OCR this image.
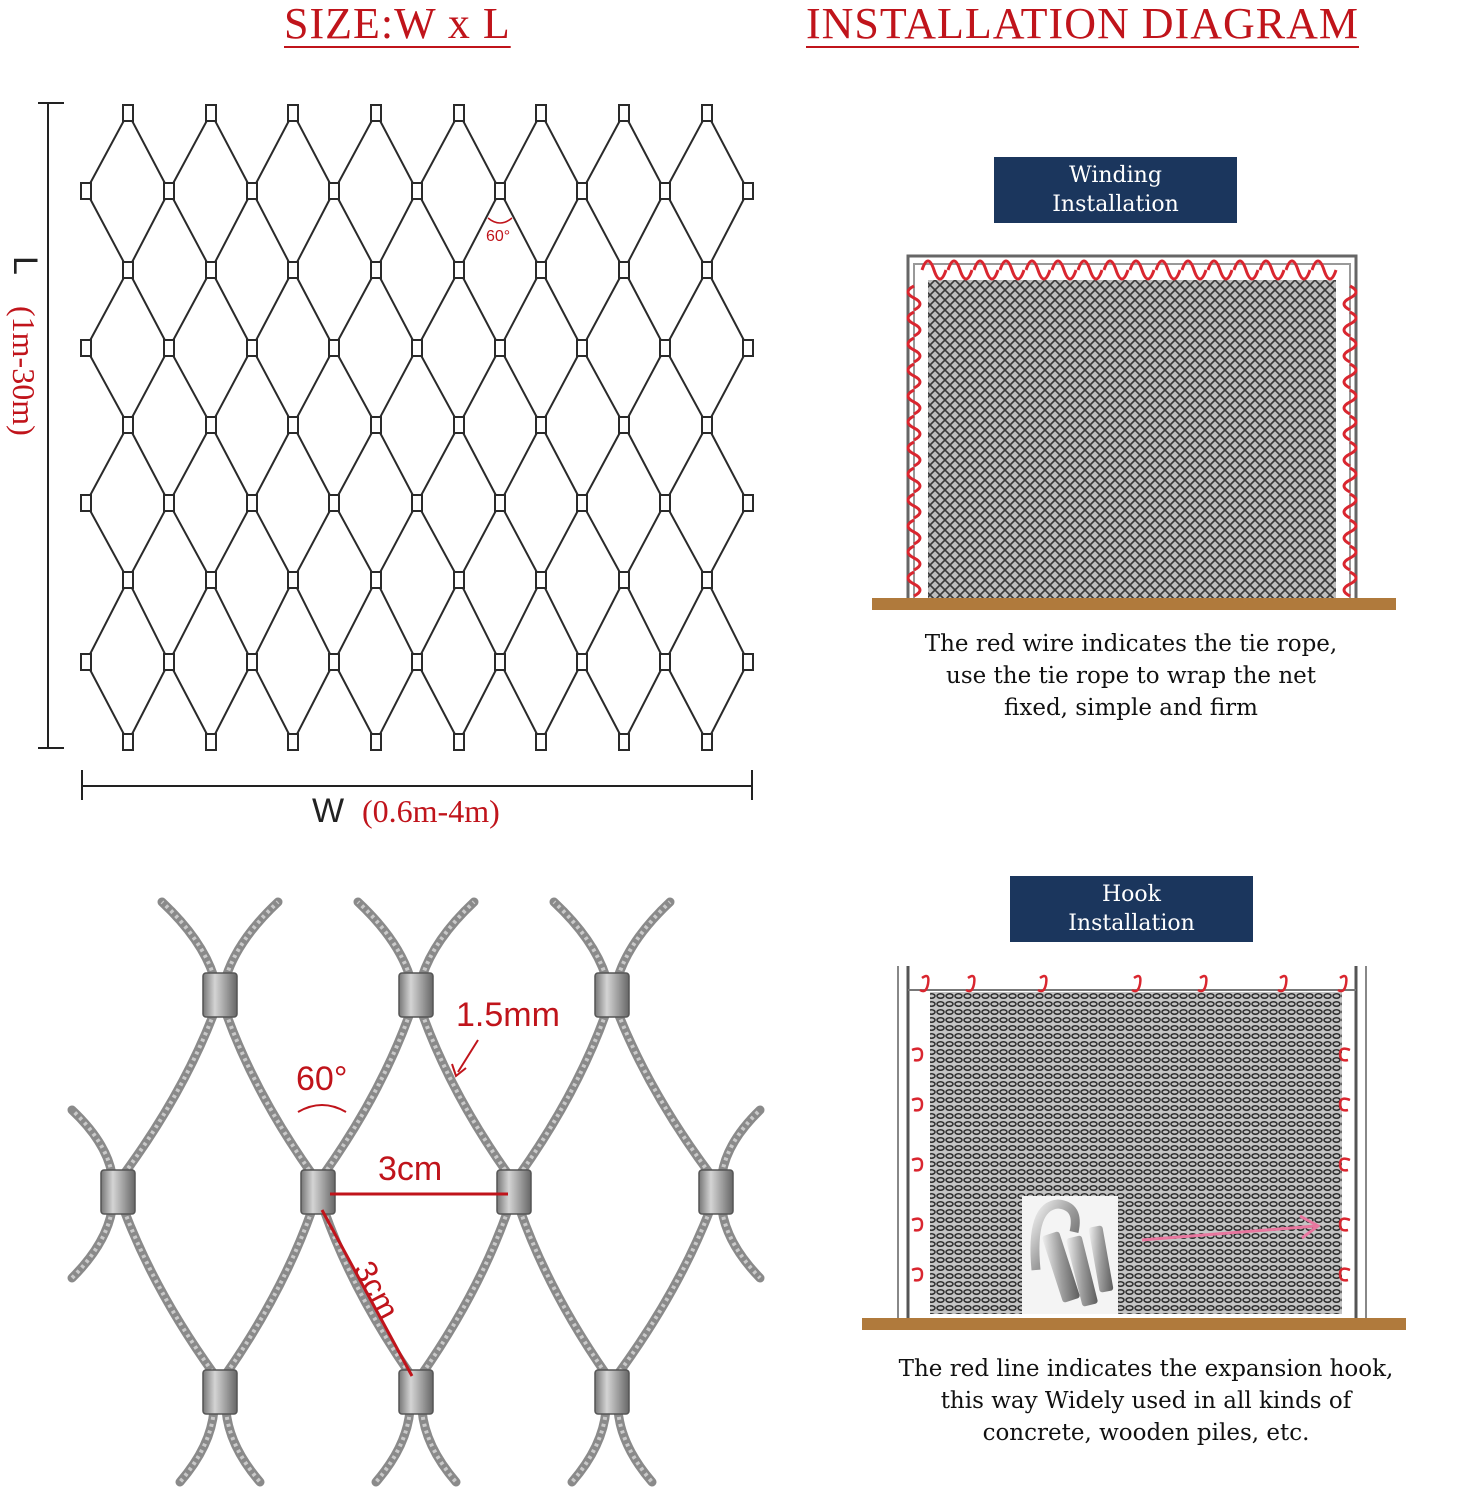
SIZE:W x L	INSTALLATION DIAGRAM
60°
L
(1m-30m)
W (0.6m-4m)
60°
1.5mm
3cm
3cm
Winding
Installation
The red wire indicates the tie rope,
use the tie rope to wrap the net
fixed, simple and firm
Hook
Installation
The red line indicates the expansion hook,
this way Widely used in all kinds of
concrete, wooden piles, etc.
